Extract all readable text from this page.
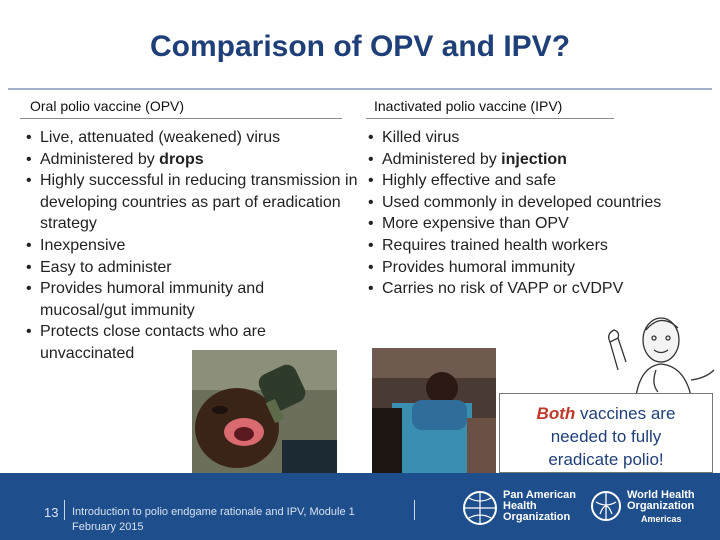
Comparison of OPV and IPV?
Oral polio vaccine (OPV)
• Live, attenuated (weakened) virus
• Administered by drops
• Highly successful in reducing transmission in developing countries as part of eradication strategy
• Inexpensive
• Easy to administer
• Provides humoral immunity and mucosal/gut immunity
• Protects close contacts who are unvaccinated
Inactivated polio vaccine (IPV)
• Killed virus
• Administered by injection
• Highly effective and safe
• Used commonly in developed countries
• More expensive than OPV
• Requires trained health workers
• Provides humoral immunity
• Carries no risk of VAPP or cVDPV
Both vaccines are
needed to fully
eradicate polio!
13 Introduction to polio endgame rationale and IPV, Module 1
February 2015
Pan American
Health
Organization
World Health
Organization
Americas
